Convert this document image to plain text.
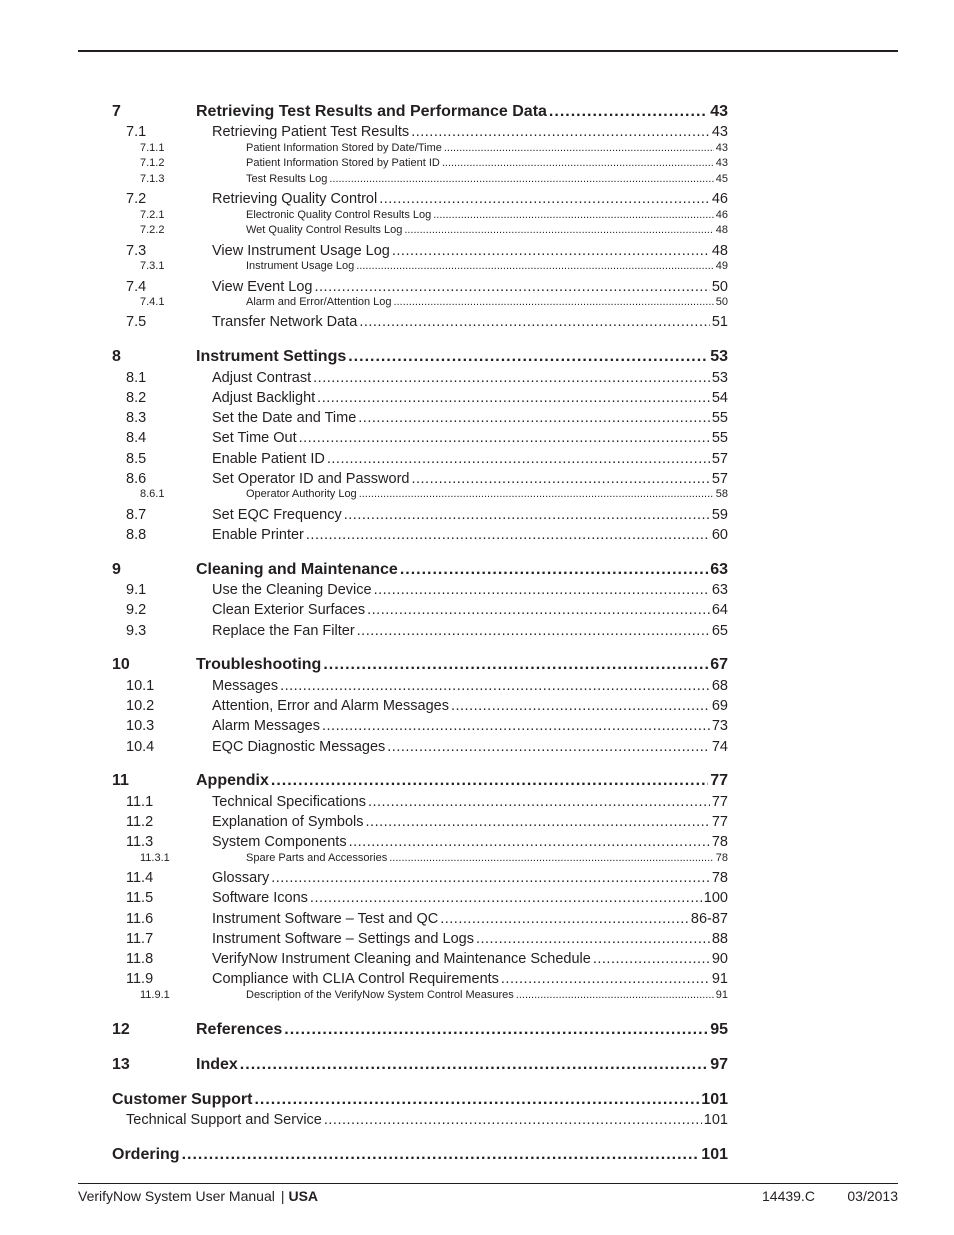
7	Retrieving Test Results and Performance Data .....	43
7.1	Retrieving Patient Test Results .....	43
7.1.1	Patient Information Stored by Date/Time .....	43
7.1.2	Patient Information Stored by Patient ID .....	43
7.1.3	Test Results Log .....	45
7.2	Retrieving Quality Control .....	46
7.2.1	Electronic Quality Control Results Log .....	46
7.2.2	Wet Quality Control Results Log .....	48
7.3	View Instrument Usage Log .....	48
7.3.1	Instrument Usage Log .....	49
7.4	View Event Log .....	50
7.4.1	Alarm and Error/Attention Log .....	50
7.5	Transfer Network Data .....	51
8	Instrument Settings .....	53
8.1	Adjust Contrast .....	53
8.2	Adjust Backlight .....	54
8.3	Set the Date and Time .....	55
8.4	Set Time Out .....	55
8.5	Enable Patient ID .....	57
8.6	Set Operator ID and Password .....	57
8.6.1	Operator Authority Log .....	58
8.7	Set EQC Frequency .....	59
8.8	Enable Printer .....	60
9	Cleaning and Maintenance .....	63
9.1	Use the Cleaning Device .....	63
9.2	Clean Exterior Surfaces .....	64
9.3	Replace the Fan Filter .....	65
10	Troubleshooting .....	67
10.1	Messages .....	68
10.2	Attention, Error and Alarm Messages .....	69
10.3	Alarm Messages .....	73
10.4	EQC Diagnostic Messages .....	74
11	Appendix .....	77
11.1	Technical Specifications .....	77
11.2	Explanation of Symbols .....	77
11.3	System Components .....	78
11.3.1	Spare Parts and Accessories .....	78
11.4	Glossary .....	78
11.5	Software Icons .....	100
11.6	Instrument Software – Test and QC .....	86-87
11.7	Instrument Software – Settings and Logs .....	88
11.8	VerifyNow Instrument Cleaning and Maintenance Schedule .....	90
11.9	Compliance with CLIA Control Requirements .....	91
11.9.1	Description of the VerifyNow System Control Measures .....	91
12	References .....	95
13	Index .....	97
Customer Support .....	101
Technical Support and Service .....	101
Ordering .....	101
VerifyNow System User Manual | USA	14439.C 03/2013
